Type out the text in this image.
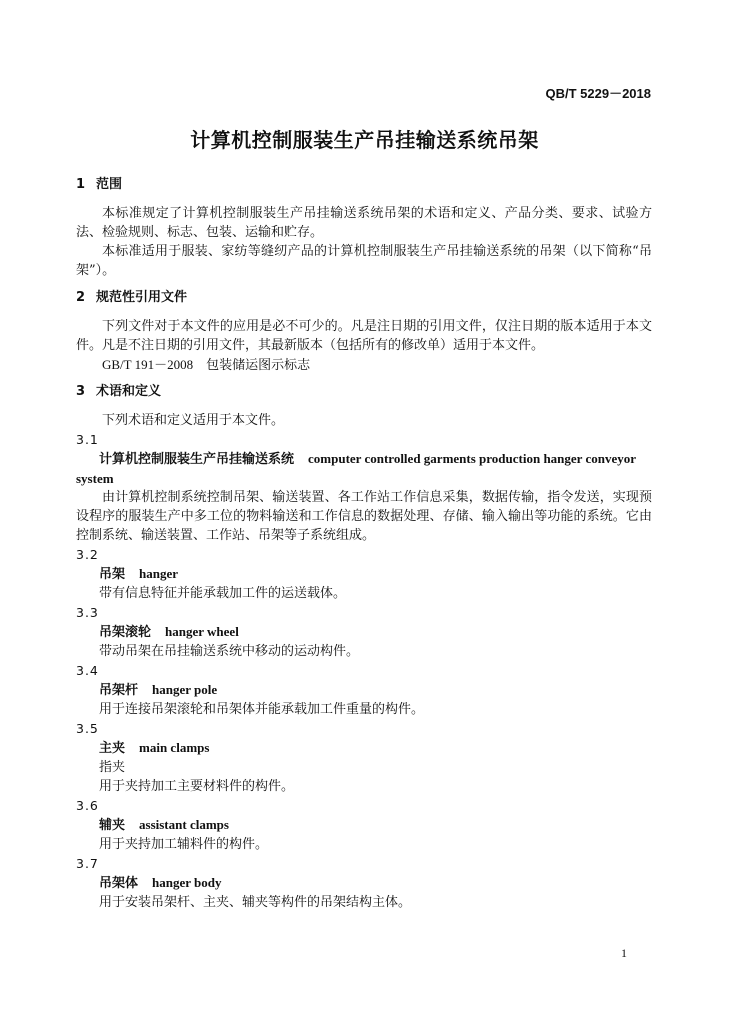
QB/T 5229－2018
计算机控制服装生产吊挂输送系统吊架
1 范围

本标准规定了计算机控制服装生产吊挂输送系统吊架的术语和定义、产品分类、要求、试验方法、检验规则、标志、包装、运输和贮存。

本标准适用于服装、家纺等缝纫产品的计算机控制服装生产吊挂输送系统的吊架（以下简称“吊架”）。

2 规范性引用文件

下列文件对于本文件的应用是必不可少的。凡是注日期的引用文件，仅注日期的版本适用于本文件。凡是不注日期的引用文件，其最新版本（包括所有的修改单）适用于本文件。

GB/T 191－2008　包装储运图示标志

3 术语和定义

下列术语和定义适用于本文件。

3.1
计算机控制服装生产吊挂输送系统 computer controlled garments production hanger conveyor
system

由计算机控制系统控制吊架、输送装置、各工作站工作信息采集，数据传输，指令发送，实现预设程序的服装生产中多工位的物料输送和工作信息的数据处理、存储、输入输出等功能的系统。它由控制系统、输送装置、工作站、吊架等子系统组成。

3.2
吊架 hanger

带有信息特征并能承载加工件的运送载体。

3.3
吊架滚轮 hanger wheel

带动吊架在吊挂输送系统中移动的运动构件。

3.4
吊架杆 hanger pole

用于连接吊架滚轮和吊架体并能承载加工件重量的构件。

3.5
主夹 main clamps

指夹

用于夹持加工主要材料件的构件。

3.6
辅夹 assistant clamps

用于夹持加工辅料件的构件。

3.7
吊架体 hanger body

用于安装吊架杆、主夹、辅夹等构件的吊架结构主体。

1
